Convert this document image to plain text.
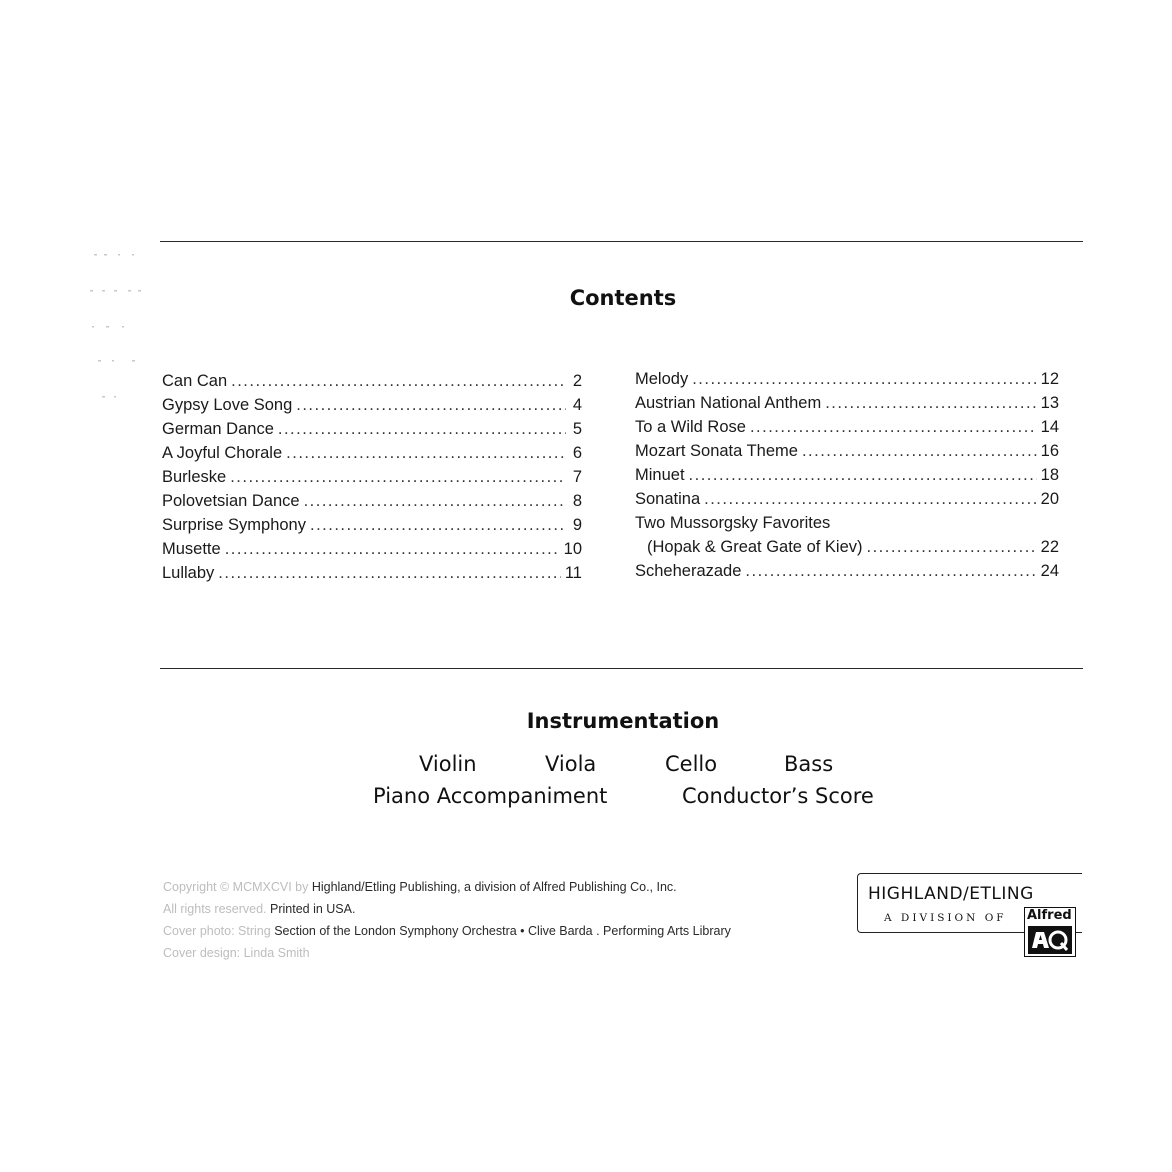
Contents
Can Can .....	2
Gypsy Love Song .....	4
German Dance .....	5
A Joyful Chorale .....	6
Burleske .....	7
Polovetsian Dance .....	8
Surprise Symphony .....	9
Musette .....	10
Lullaby .....	11
Melody .....	12
Austrian National Anthem .....	13
To a Wild Rose .....	14
Mozart Sonata Theme .....	16
Minuet .....	18
Sonatina .....	20
Two Mussorgsky Favorites
(Hopak & Great Gate of Kiev) .....	22
Scheherazade .....	24
Instrumentation
Violin	Viola	Cello	Bass
Piano Accompaniment	Conductor’s Score
Copyright © MCMXCVI by Highland/Etling Publishing, a division of Alfred Publishing Co., Inc.
All rights reserved. Printed in USA.
Cover photo: String Section of the London Symphony Orchestra • Clive Barda . Performing Arts Library
Cover design: Linda Smith
HIGHLAND/ETLING
A DIVISION OF Alfred
